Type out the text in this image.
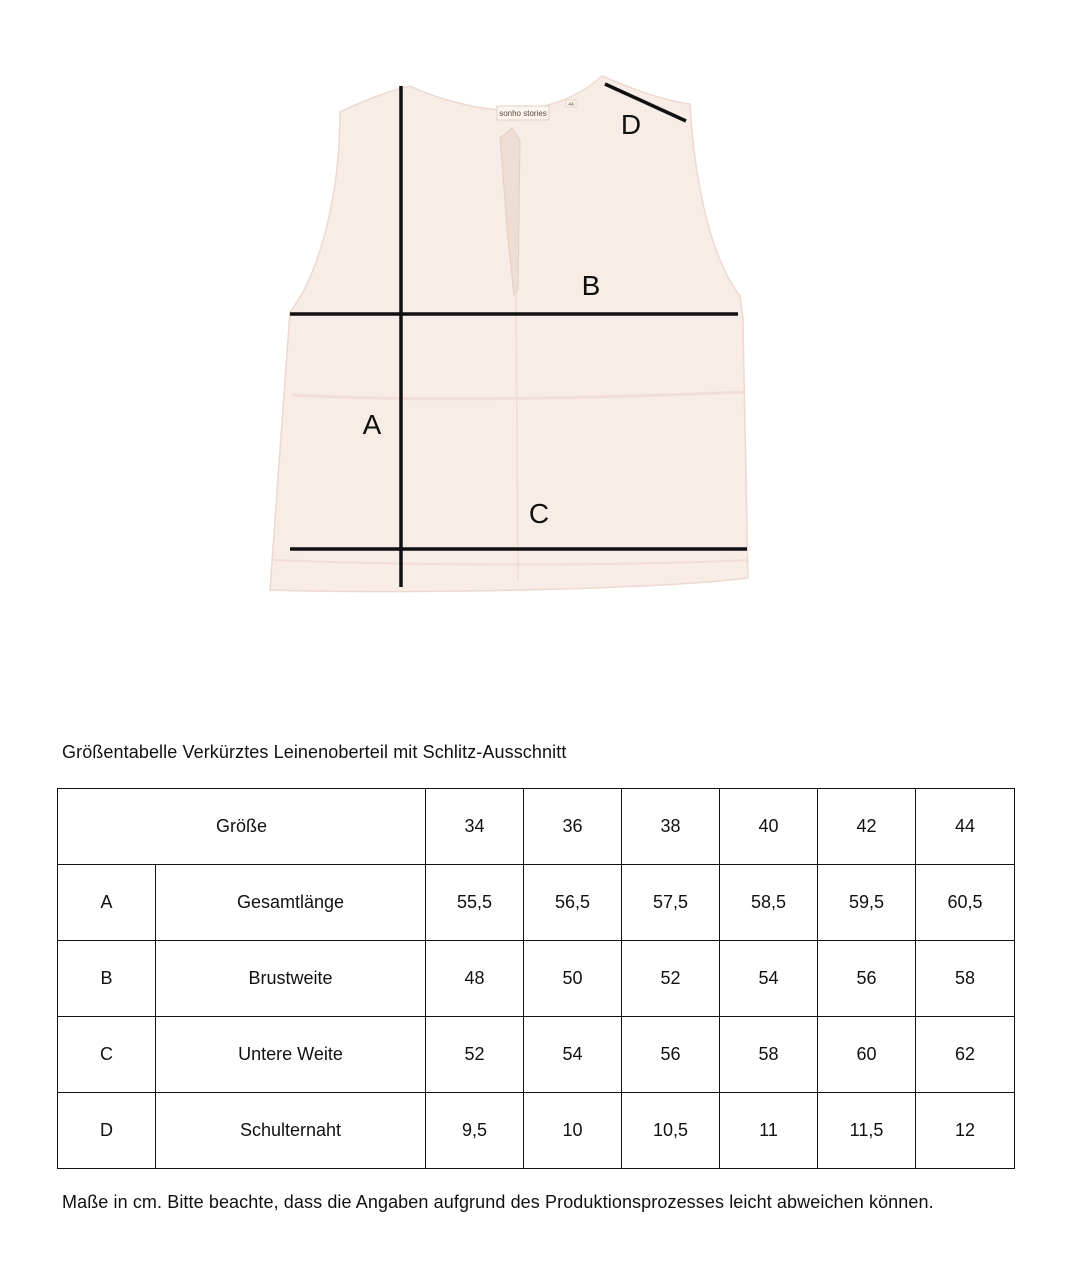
sonho stories
44
A
B
C
D
Größentabelle Verkürztes Leinenoberteil mit Schlitz-Ausschnitt
Größe		34	36	38	40	42	44
A	Gesamtlänge	55,5	56,5	57,5	58,5	59,5	60,5
B	Brustweite	48	50	52	54	56	58
C	Untere Weite	52	54	56	58	60	62
D	Schulternaht	9,5	10	10,5	11	11,5	12
Maße in cm. Bitte beachte, dass die Angaben aufgrund des Produktionsprozesses leicht abweichen können.
